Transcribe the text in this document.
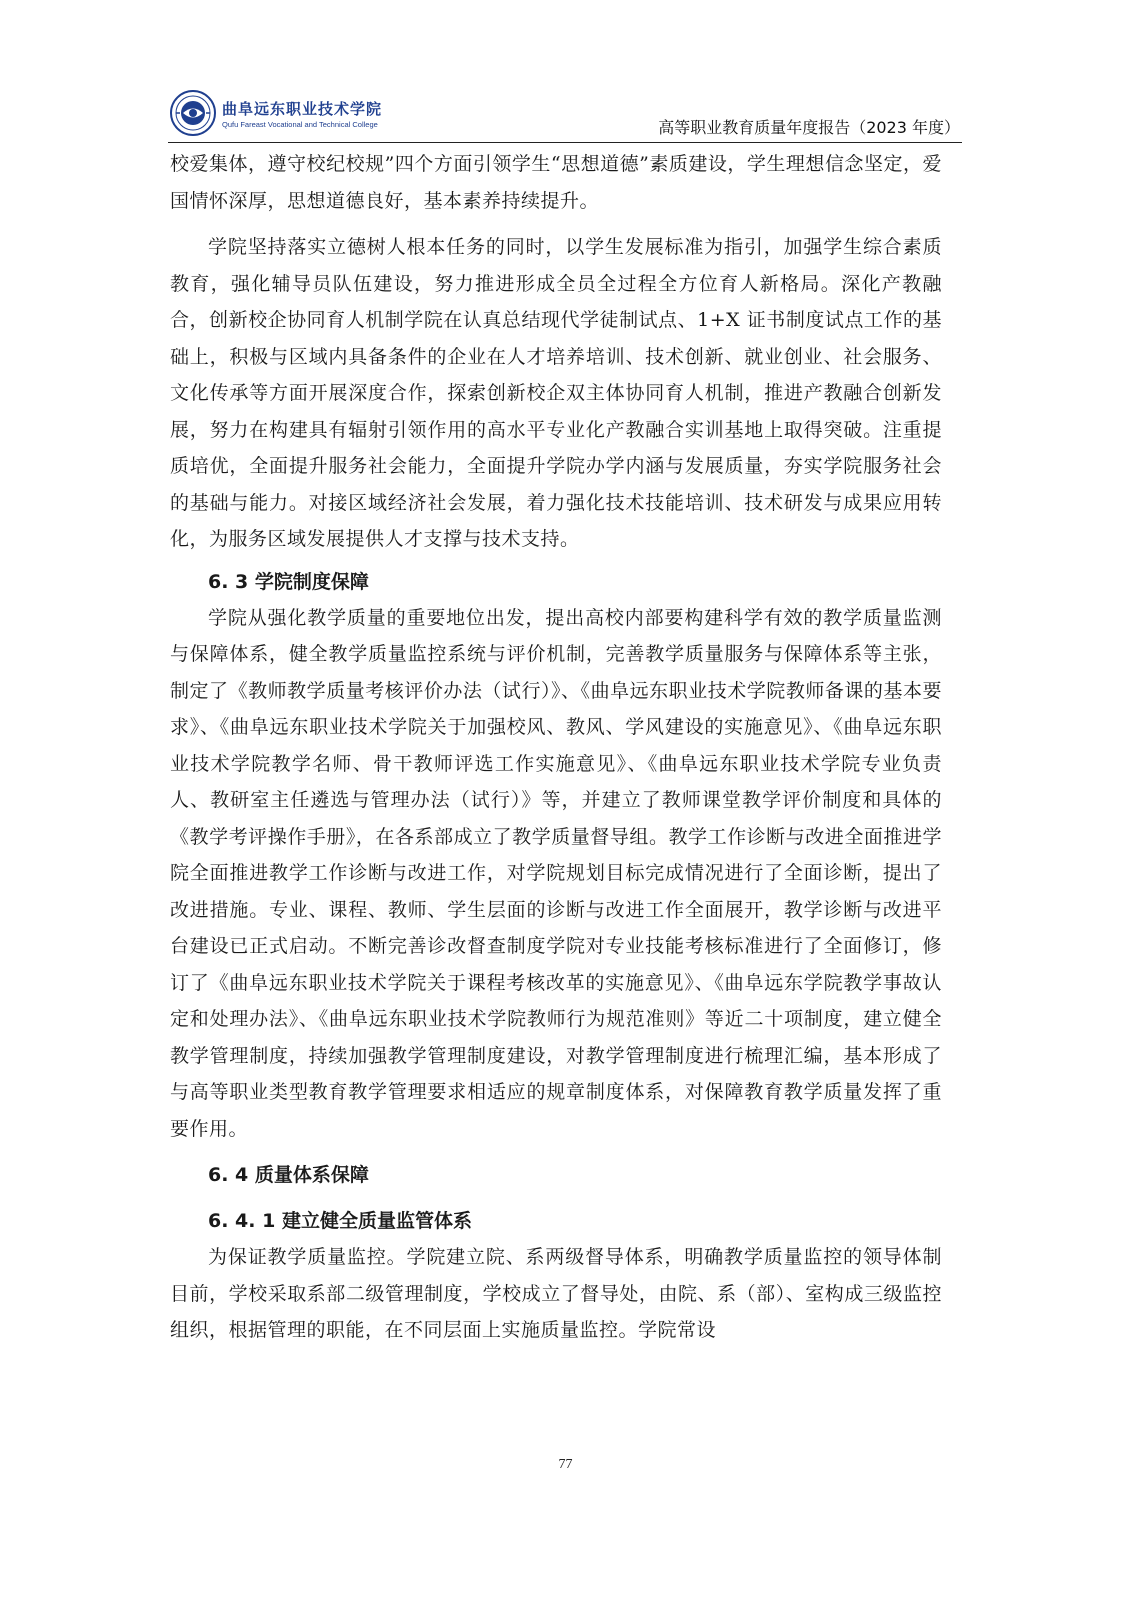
曲阜远东职业技术学院
Qufu Fareast Vocational and Technical College	高等职业教育质量年度报告（2023 年度）

校爱集体，遵守校纪校规”四个方面引领学生“思想道德”素质建设，学生理想信念坚定，爱国情怀深厚，思想道德良好，基本素养持续提升。

学院坚持落实立德树人根本任务的同时，以学生发展标准为指引，加强学生综合素质教育，强化辅导员队伍建设，努力推进形成全员全过程全方位育人新格局。深化产教融合，创新校企协同育人机制学院在认真总结现代学徒制试点、1+X 证书制度试点工作的基础上，积极与区域内具备条件的企业在人才培养培训、技术创新、就业创业、社会服务、文化传承等方面开展深度合作，探索创新校企双主体协同育人机制，推进产教融合创新发展，努力在构建具有辐射引领作用的高水平专业化产教融合实训基地上取得突破。注重提质培优，全面提升服务社会能力，全面提升学院办学内涵与发展质量，夯实学院服务社会的基础与能力。对接区域经济社会发展，着力强化技术技能培训、技术研发与成果应用转化，为服务区域发展提供人才支撑与技术支持。

6. 3 学院制度保障

学院从强化教学质量的重要地位出发，提出高校内部要构建科学有效的教学质量监测与保障体系，健全教学质量监控系统与评价机制，完善教学质量服务与保障体系等主张，制定了《教师教学质量考核评价办法（试行）》、《曲阜远东职业技术学院教师备课的基本要求》、《曲阜远东职业技术学院关于加强校风、教风、学风建设的实施意见》、《曲阜远东职业技术学院教学名师、骨干教师评选工作实施意见》、《曲阜远东职业技术学院专业负责人、教研室主任遴选与管理办法（试行）》等，并建立了教师课堂教学评价制度和具体的《教学考评操作手册》，在各系部成立了教学质量督导组。教学工作诊断与改进全面推进学院全面推进教学工作诊断与改进工作，对学院规划目标完成情况进行了全面诊断，提出了改进措施。专业、课程、教师、学生层面的诊断与改进工作全面展开，教学诊断与改进平台建设已正式启动。不断完善诊改督查制度学院对专业技能考核标准进行了全面修订，修订了《曲阜远东职业技术学院关于课程考核改革的实施意见》、《曲阜远东学院教学事故认定和处理办法》、《曲阜远东职业技术学院教师行为规范准则》等近二十项制度，建立健全教学管理制度，持续加强教学管理制度建设，对教学管理制度进行梳理汇编，基本形成了与高等职业类型教育教学管理要求相适应的规章制度体系，对保障教育教学质量发挥了重要作用。

6. 4 质量体系保障
6. 4. 1 建立健全质量监管体系

为保证教学质量监控。学院建立院、系两级督导体系，明确教学质量监控的领导体制目前，学校采取系部二级管理制度，学校成立了督导处，由院、系（部）、室构成三级监控组织，根据管理的职能，在不同层面上实施质量监控。学院常设

77
